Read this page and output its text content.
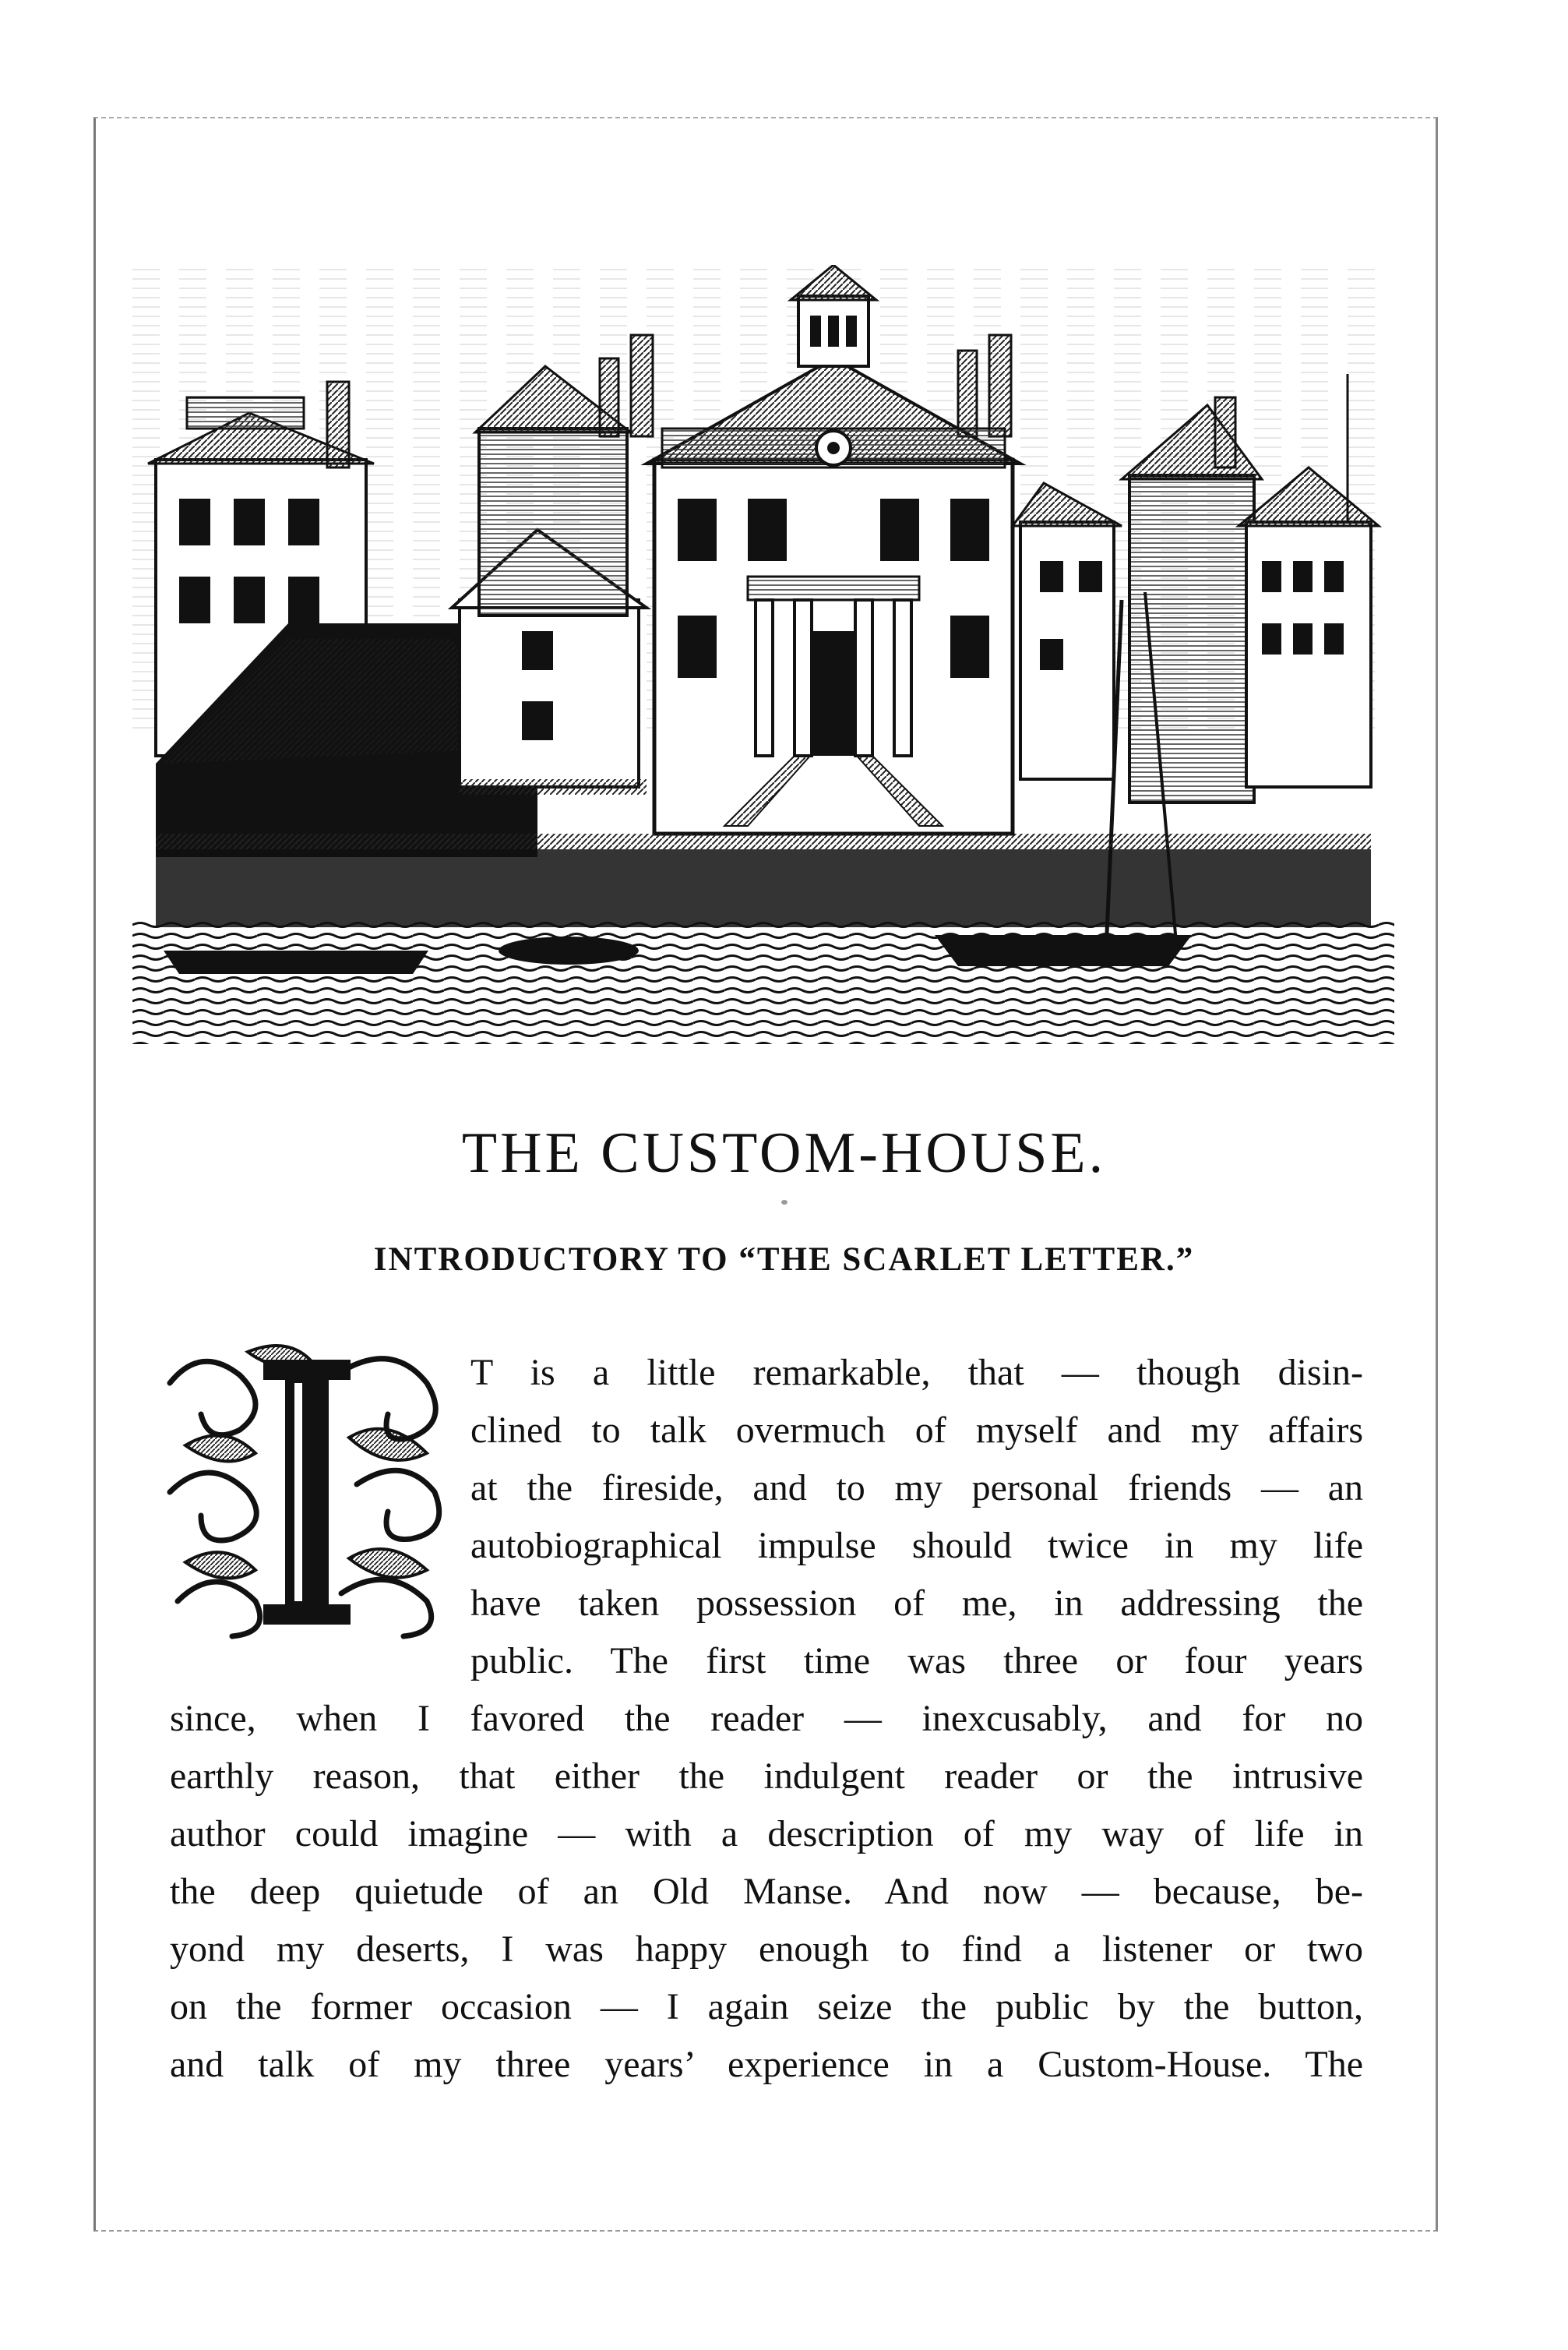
THE CUSTOM-HOUSE.
INTRODUCTORY TO “THE SCARLET LETTER.”

T is a little remarkable, that — though disin-

clined to talk overmuch of myself and my affairs

at the fireside, and to my personal friends — an

autobiographical impulse should twice in my life

have taken possession of me, in addressing the

public. The first time was three or four years

since, when I favored the reader — inexcusably, and for no

earthly reason, that either the indulgent reader or the intrusive

author could imagine — with a description of my way of life in

the deep quietude of an Old Manse. And now — because, be-

yond my deserts, I was happy enough to find a listener or two

on the former occasion — I again seize the public by the button,

and talk of my three years’ experience in a Custom-House. The
